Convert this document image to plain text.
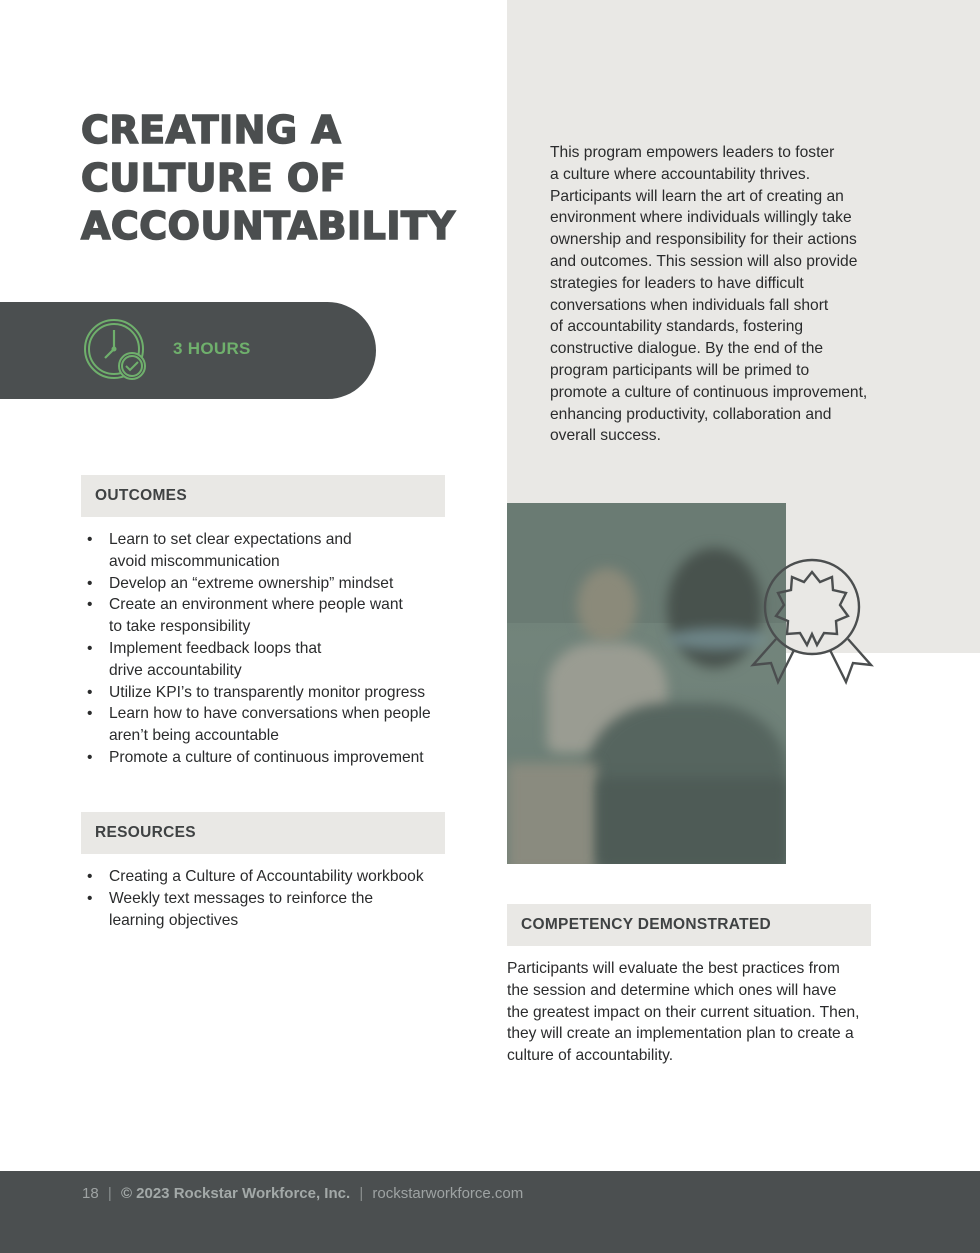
CREATING A
CULTURE OF
ACCOUNTABILITY
3 HOURS
This program empowers leaders to foster
a culture where accountability thrives.
Participants will learn the art of creating an
environment where individuals willingly take
ownership and responsibility for their actions
and outcomes. This session will also provide
strategies for leaders to have difficult
conversations when individuals fall short
of accountability standards, fostering
constructive dialogue. By the end of the
program participants will be primed to
promote a culture of continuous improvement,
enhancing productivity, collaboration and
overall success.
OUTCOMES
• Learn to set clear expectations and
avoid miscommunication
• Develop an “extreme ownership” mindset
• Create an environment where people want
to take responsibility
• Implement feedback loops that
drive accountability
• Utilize KPI’s to transparently monitor progress
• Learn how to have conversations when people
aren’t being accountable
• Promote a culture of continuous improvement
RESOURCES
• Creating a Culture of Accountability workbook
• Weekly text messages to reinforce the
learning objectives	COMPETENCY DEMONSTRATED
Participants will evaluate the best practices from
the session and determine which ones will have
the greatest impact on their current situation. Then,
they will create an implementation plan to create a
culture of accountability.
18 | © 2023 Rockstar Workforce, Inc. | rockstarworkforce.com
